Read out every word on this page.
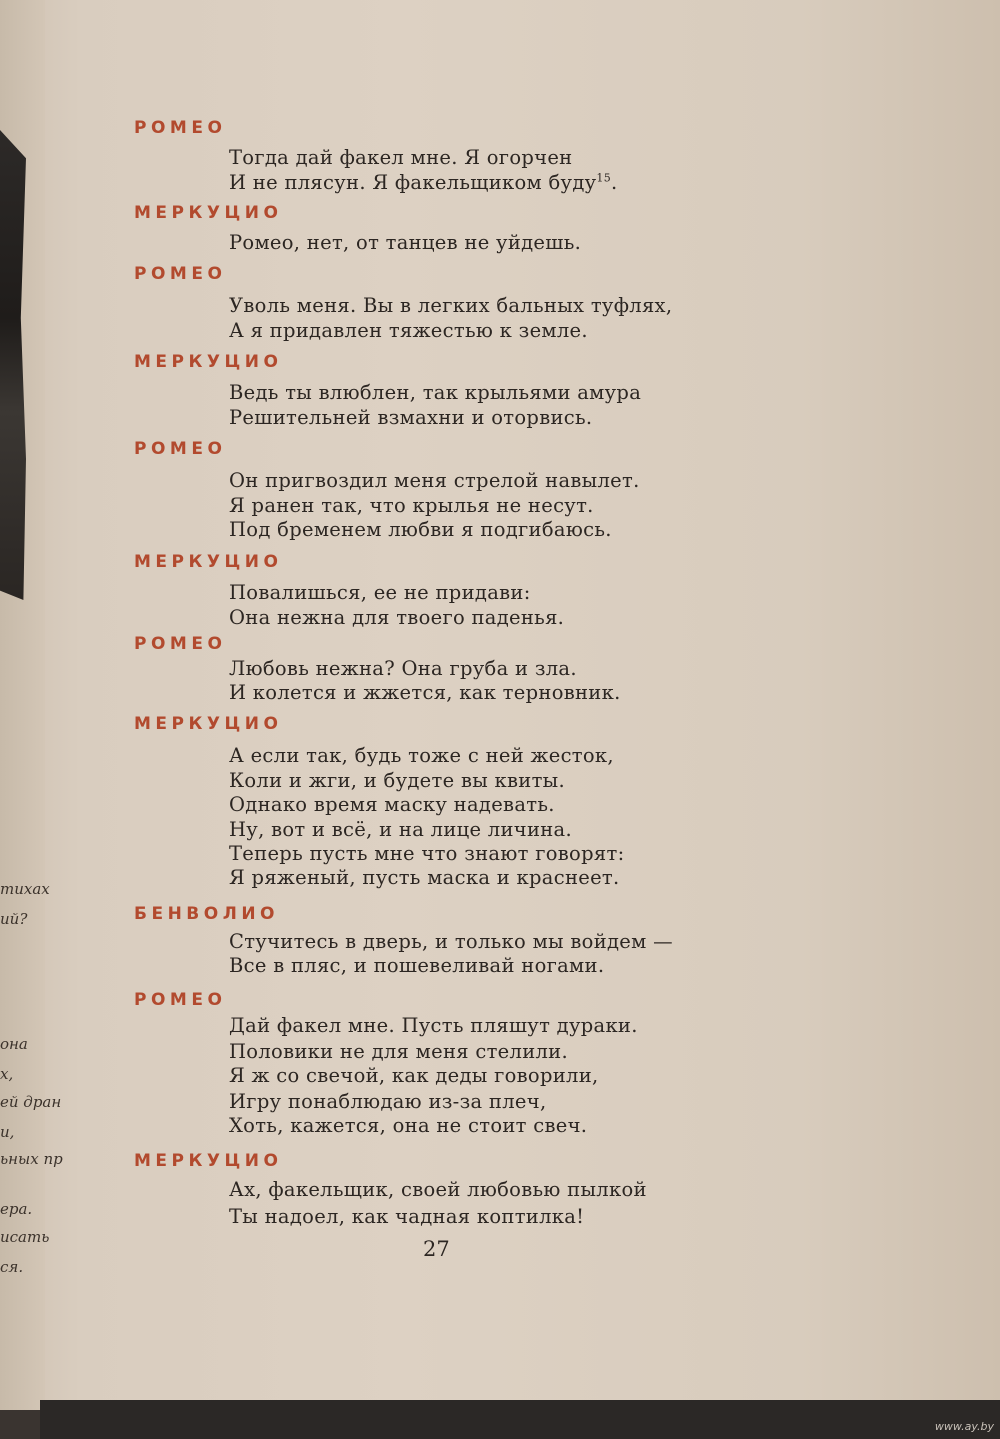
тихах
ий?
она
х,
ей дран
и,
ьных пр
ера.
исать
ся.
РОМЕО
МЕРКУЦИО
РОМЕО
МЕРКУЦИО
РОМЕО
МЕРКУЦИО
РОМЕО
МЕРКУЦИО
БЕНВОЛИО
РОМЕО
МЕРКУЦИО
Тогда дай факел мне. Я огорчен
И не плясун. Я факельщиком буду$^{15}$.
Ромео, нет, от танцев не уйдешь.
Уволь меня. Вы в легких бальных туфлях,
А я придавлен тяжестью к земле.
Ведь ты влюблен, так крыльями амура
Решительней взмахни и оторвись.
Он пригвоздил меня стрелой навылет.
Я ранен так, что крылья не несут.
Под бременем любви я подгибаюсь.
Повалишься, ее не придави:
Она нежна для твоего паденья.
Любовь нежна? Она груба и зла.
И колется и жжется, как терновник.
А если так, будь тоже с ней жесток,
Коли и жги, и будете вы квиты.
Однако время маску надевать.
Ну, вот и всё, и на лице личина.
Теперь пусть мне что знают говорят:
Я ряженый, пусть маска и краснеет.
Стучитесь в дверь, и только мы войдем —
Все в пляс, и пошевеливай ногами.
Дай факел мне. Пусть пляшут дураки.
Половики не для меня стелили.
Я ж со свечой, как деды говорили,
Игру понаблюдаю из-за плеч,
Хоть, кажется, она не стоит свеч.
Ах, факельщик, своей любовью пылкой
Ты надоел, как чадная коптилка!
27
www.ay.by
